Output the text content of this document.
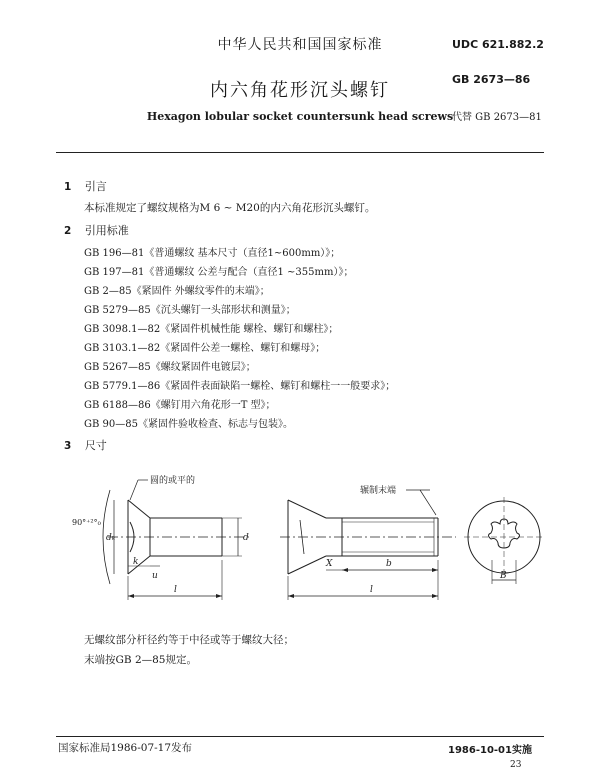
中华人民共和国国家标准	UDC 621.882.2
GB 2673—86
内六角花形沉头螺钉
Hexagon lobular socket countersunk head screws
代替 GB 2673—81
1 引言
本标准规定了螺纹规格为M 6 ~ M20的内六角花形沉头螺钉。
2 引用标准
GB 196—81《普通螺纹 基本尺寸（直径1~600mm）》；
GB 197—81《普通螺纹 公差与配合（直径1 ~355mm）》；
GB 2—85《紧固件 外螺纹零件的末端》；
GB 5279—85《沉头螺钉一头部形状和测量》；
GB 3098.1—82《紧固件机械性能 螺栓、螺钉和螺柱》；
GB 3103.1—82《紧固件公差一螺栓、螺钉和螺母》；
GB 5267—85《螺纹紧固件电镀层》；
GB 5779.1—86《紧固件表面缺陷一螺栓、螺钉和螺柱一一般要求》；
GB 6188—86《螺钉用六角花形一T 型》；
GB 90—85《紧固件验收检查、标志与包装》。
3 尺寸
圆的或平的
辗制末端
90°⁺²°₀
dₖ	d
k
u
l
X	b
l
B
无螺纹部分杆径约等于中径或等于螺纹大径；
末端按GB 2—85规定。
国家标准局1986-07-17发布	1986-10-01实施
23
